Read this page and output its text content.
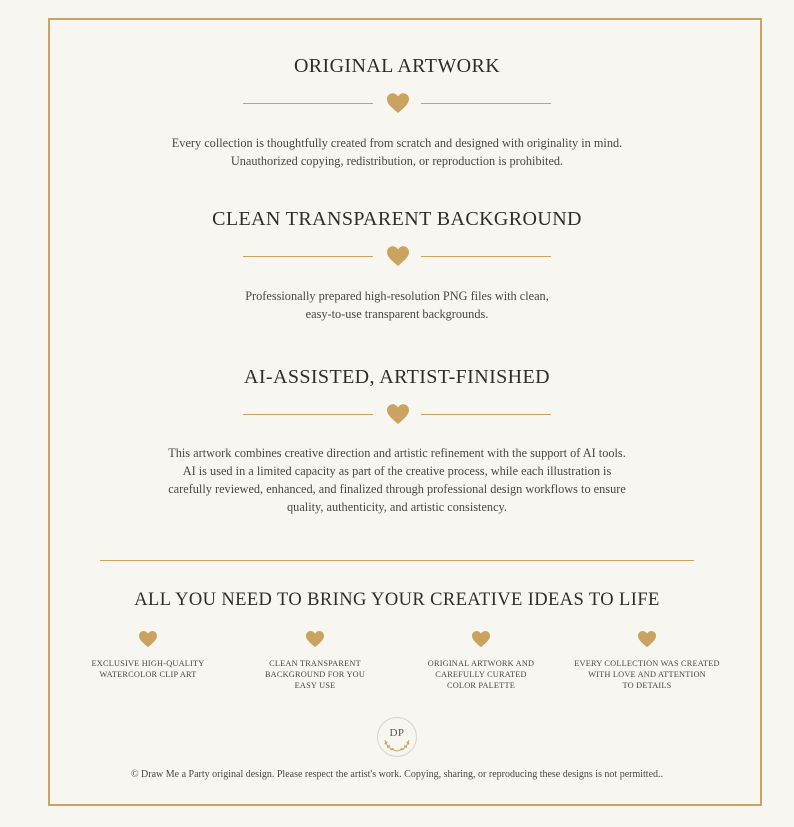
ORIGINAL ARTWORK
Every collection is thoughtfully created from scratch and designed with originality in mind.
Unauthorized copying, redistribution, or reproduction is prohibited.
CLEAN TRANSPARENT BACKGROUND
Professionally prepared high-resolution PNG files with clean,
easy-to-use transparent backgrounds.
AI-ASSISTED, ARTIST-FINISHED
This artwork combines creative direction and artistic refinement with the support of AI tools.
AI is used in a limited capacity as part of the creative process, while each illustration is
carefully reviewed, enhanced, and finalized through professional design workflows to ensure
quality, authenticity, and artistic consistency.
ALL YOU NEED TO BRING YOUR CREATIVE IDEAS TO LIFE
EXCLUSIVE HIGH-QUALITY
WATERCOLOR CLIP ART
CLEAN TRANSPARENT
BACKGROUND FOR YOU
EASY USE
ORIGINAL ARTWORK AND
CAREFULLY CURATED
COLOR PALETTE
EVERY COLLECTION WAS CREATED
WITH LOVE AND ATTENTION
TO DETAILS
DP
© Draw Me a Party original design. Please respect the artist's work. Copying, sharing, or reproducing these designs is not permitted..
